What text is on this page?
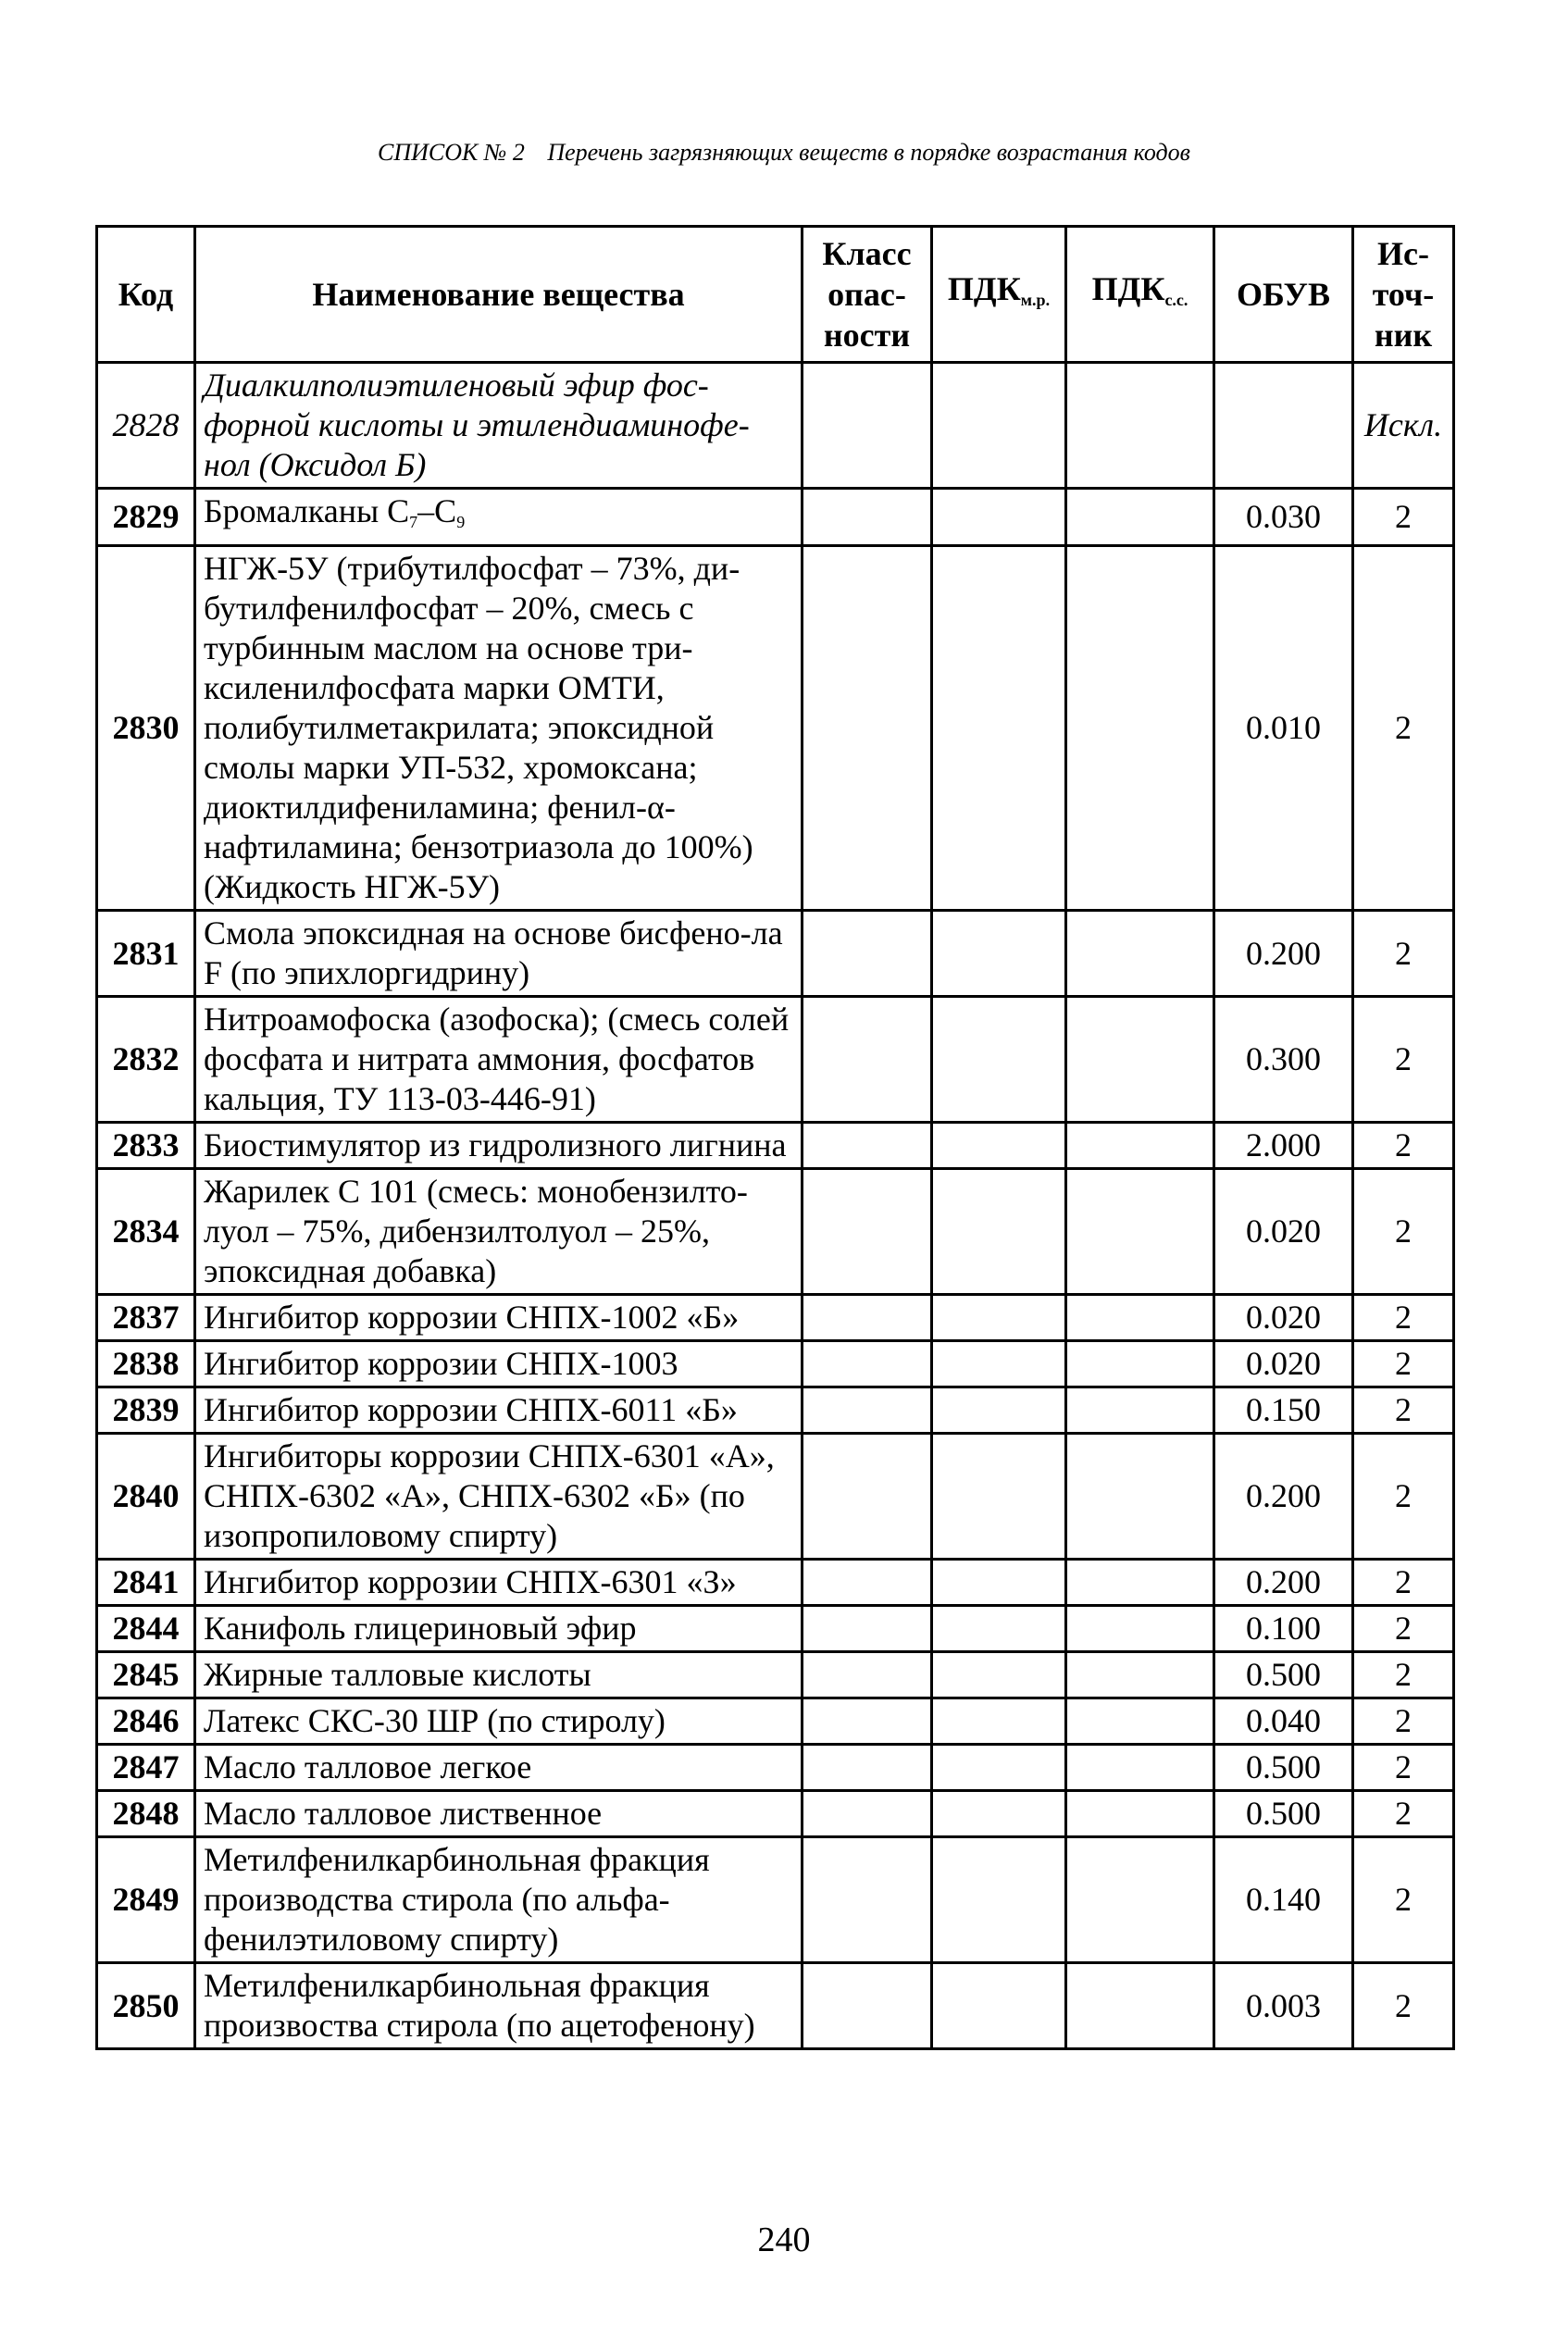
СПИСОК № 2 Перечень загрязняющих веществ в порядке возрастания кодов
Код	Наименование вещества	Класс опас-ности	$ПДК_{м.р.}$	$ПДК_{с.с.}$	ОБУВ	Ис-точ-ник
2828	Диалкилполиэтиленовый эфир фос-форной кислоты и этилендиаминофе-нол (Оксидол Б)					Искл.
2829	Бромалканы $C_7-C_9$				0.030	2
2830	НГЖ-5У (трибутилфосфат – 73%, ди-бутилфенилфосфат – 20%, смесь с турбинным маслом на основе три-ксиленилфосфата марки ОМТИ, полибутилметакрилата; эпоксидной смолы марки УП-532, хромоксана; диоктилдифениламина; фенил-α-нафтиламина; бензотриазола до 100%) (Жидкость НГЖ-5У)				0.010	2
2831	Смола эпоксидная на основе бисфено-ла F (по эпихлоргидрину)				0.200	2
2832	Нитроамофоска (азофоска); (смесь солей фосфата и нитрата аммония, фосфатов кальция, ТУ 113-03-446-91)				0.300	2
2833	Биостимулятор из гидролизного лигнина				2.000	2
2834	Жарилек С 101 (смесь: монобензилто-луол – 75%, дибензилтолуол – 25%, эпоксидная добавка)				0.020	2
2837	Ингибитор коррозии СНПХ-1002 «Б»				0.020	2
2838	Ингибитор коррозии СНПХ-1003				0.020	2
2839	Ингибитор коррозии СНПХ-6011 «Б»				0.150	2
2840	Ингибиторы коррозии СНПХ-6301 «А», СНПХ-6302 «А», СНПХ-6302 «Б» (по изопропиловому спирту)				0.200	2
2841	Ингибитор коррозии СНПХ-6301 «З»				0.200	2
2844	Канифоль глицериновый эфир				0.100	2
2845	Жирные талловые кислоты				0.500	2
2846	Латекс СКС-30 ШР (по стиролу)				0.040	2
2847	Масло талловое легкое				0.500	2
2848	Масло талловое лиственное				0.500	2
2849	Метилфенилкарбинольная фракция производства стирола (по альфа-фенилэтиловому спирту)				0.140	2
2850	Метилфенилкарбинольная фракция произвоства стирола (по ацетофенону)				0.003	2
240
